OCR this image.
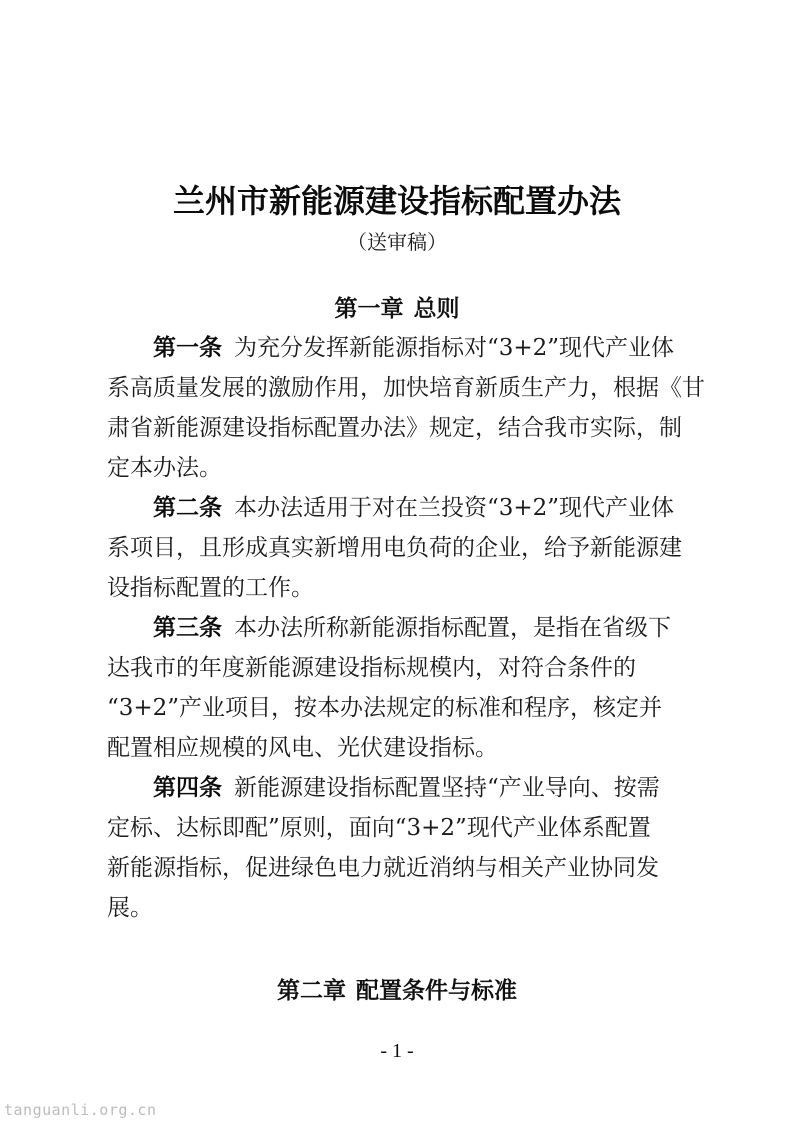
兰州市新能源建设指标配置办法
（送审稿）
第一章 总则
第一条 为充分发挥新能源指标对“3+2”现代产业体
系高质量发展的激励作用，加快培育新质生产力，根据《甘
肃省新能源建设指标配置办法》规定，结合我市实际，制
定本办法。
第二条 本办法适用于对在兰投资“3+2”现代产业体
系项目，且形成真实新增用电负荷的企业，给予新能源建
设指标配置的工作。
第三条 本办法所称新能源指标配置，是指在省级下
达我市的年度新能源建设指标规模内，对符合条件的
“3+2”产业项目，按本办法规定的标准和程序，核定并
配置相应规模的风电、光伏建设指标。
第四条 新能源建设指标配置坚持“产业导向、按需
定标、达标即配”原则，面向“3+2”现代产业体系配置
新能源指标，促进绿色电力就近消纳与相关产业协同发
展。
第二章 配置条件与标准
- 1 -
tanguanli.org.cn
